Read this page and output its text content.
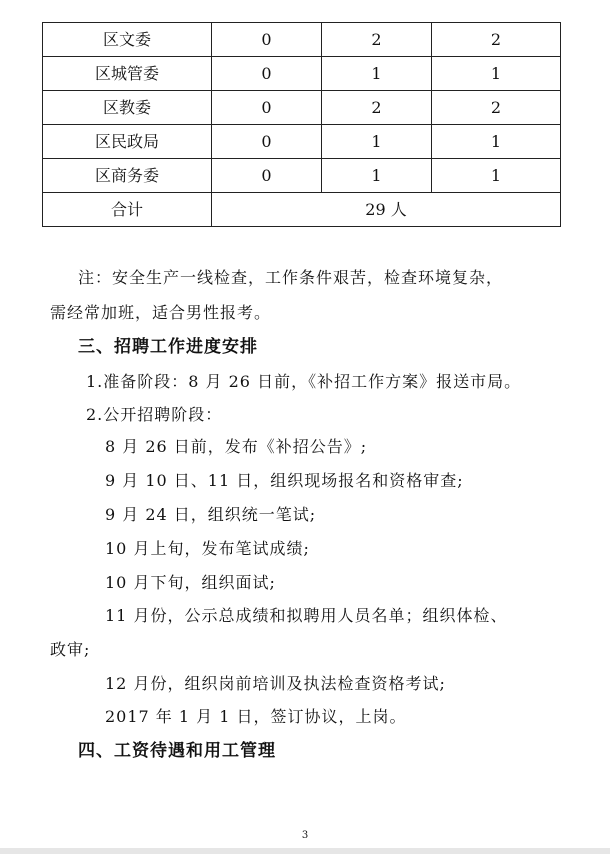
区文委	0	2	2
区城管委	0	1	1
区教委	0	2	2
区民政局	0	1	1
区商务委	0	1	1
合计	29 人		
注：安全生产一线检查，工作条件艰苦，检查环境复杂，
需经常加班，适合男性报考。
三、招聘工作进度安排
1.准备阶段：8 月 26 日前，《补招工作方案》报送市局。
2.公开招聘阶段：
8 月 26 日前，发布《补招公告》;
9 月 10 日、11 日，组织现场报名和资格审查;
9 月 24 日，组织统一笔试;
10 月上旬，发布笔试成绩;
10 月下旬，组织面试;
11 月份，公示总成绩和拟聘用人员名单；组织体检、
政审;
12 月份，组织岗前培训及执法检查资格考试;
2017 年 1 月 1 日，签订协议，上岗。
四、工资待遇和用工管理
3
